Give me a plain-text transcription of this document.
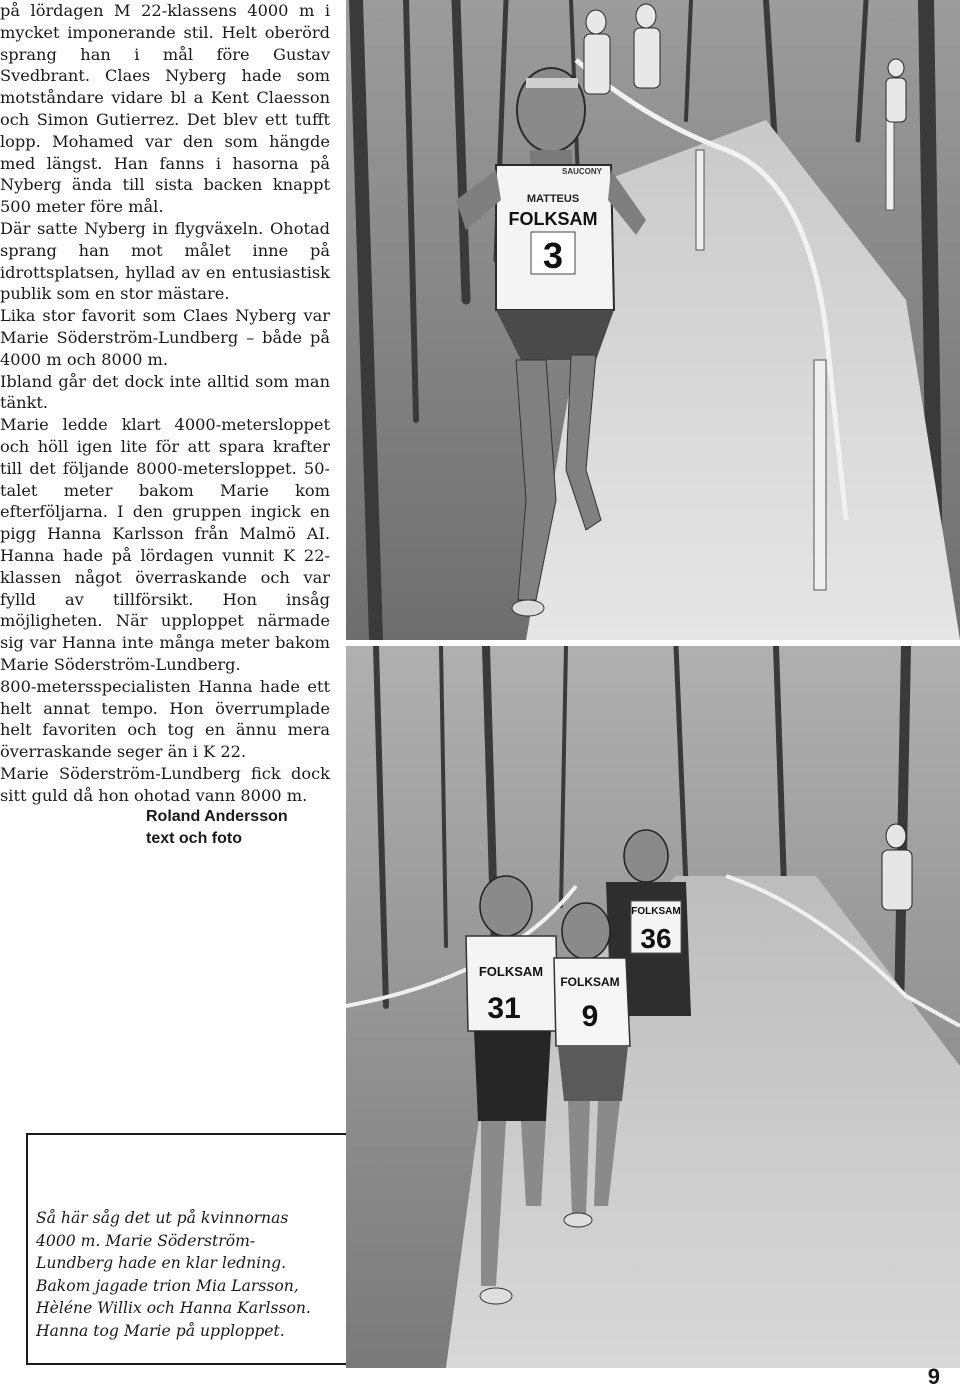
på lördagen M 22-klassens 4000 m i mycket imponerande stil. Helt oberörd sprang han i mål före Gustav Svedbrant. Claes Nyberg hade som motståndare vidare bl a Kent Claesson och Simon Gutierrez. Det blev ett tufft lopp. Mohamed var den som hängde med längst. Han fanns i hasorna på Nyberg ända till sista backen knappt 500 meter före mål.

Där satte Nyberg in flygväxeln. Ohotad sprang han mot målet inne på idrottsplatsen, hyllad av en entusiastisk publik som en stor mästare.

Lika stor favorit som Claes Nyberg var Marie Söderström-Lundberg – både på 4000 m och 8000 m.

Ibland går det dock inte alltid som man tänkt.

Marie ledde klart 4000-metersloppet och höll igen lite för att spara krafter till det följande 8000-metersloppet. 50-talet meter bakom Marie kom efterföljarna. I den gruppen ingick en pigg Hanna Karlsson från Malmö AI. Hanna hade på lördagen vunnit K 22-klassen något överraskande och var fylld av tillförsikt. Hon insåg möjligheten. När upploppet närmade sig var Hanna inte många meter bakom Marie Söderström-Lundberg.

800-metersspecialisten Hanna hade ett helt annat tempo. Hon överrumplade helt favoriten och tog en ännu mera överraskande seger än i K 22.

Marie Söderström-Lundberg fick dock sitt guld då hon ohotad vann 8000 m.

Roland Andersson

text och foto

FOLKSAM
MATTEUS
3
SAUCONY
FOLKSAM
36
FOLKSAM
31
FOLKSAM
9
Så här såg det ut på kvinnornas 4000 m. Marie Söderström-Lundberg hade en klar ledning. Bakom jagade trion Mia Larsson, Hèléne Willix och Hanna Karlsson. Hanna tog Marie på upploppet.
9
